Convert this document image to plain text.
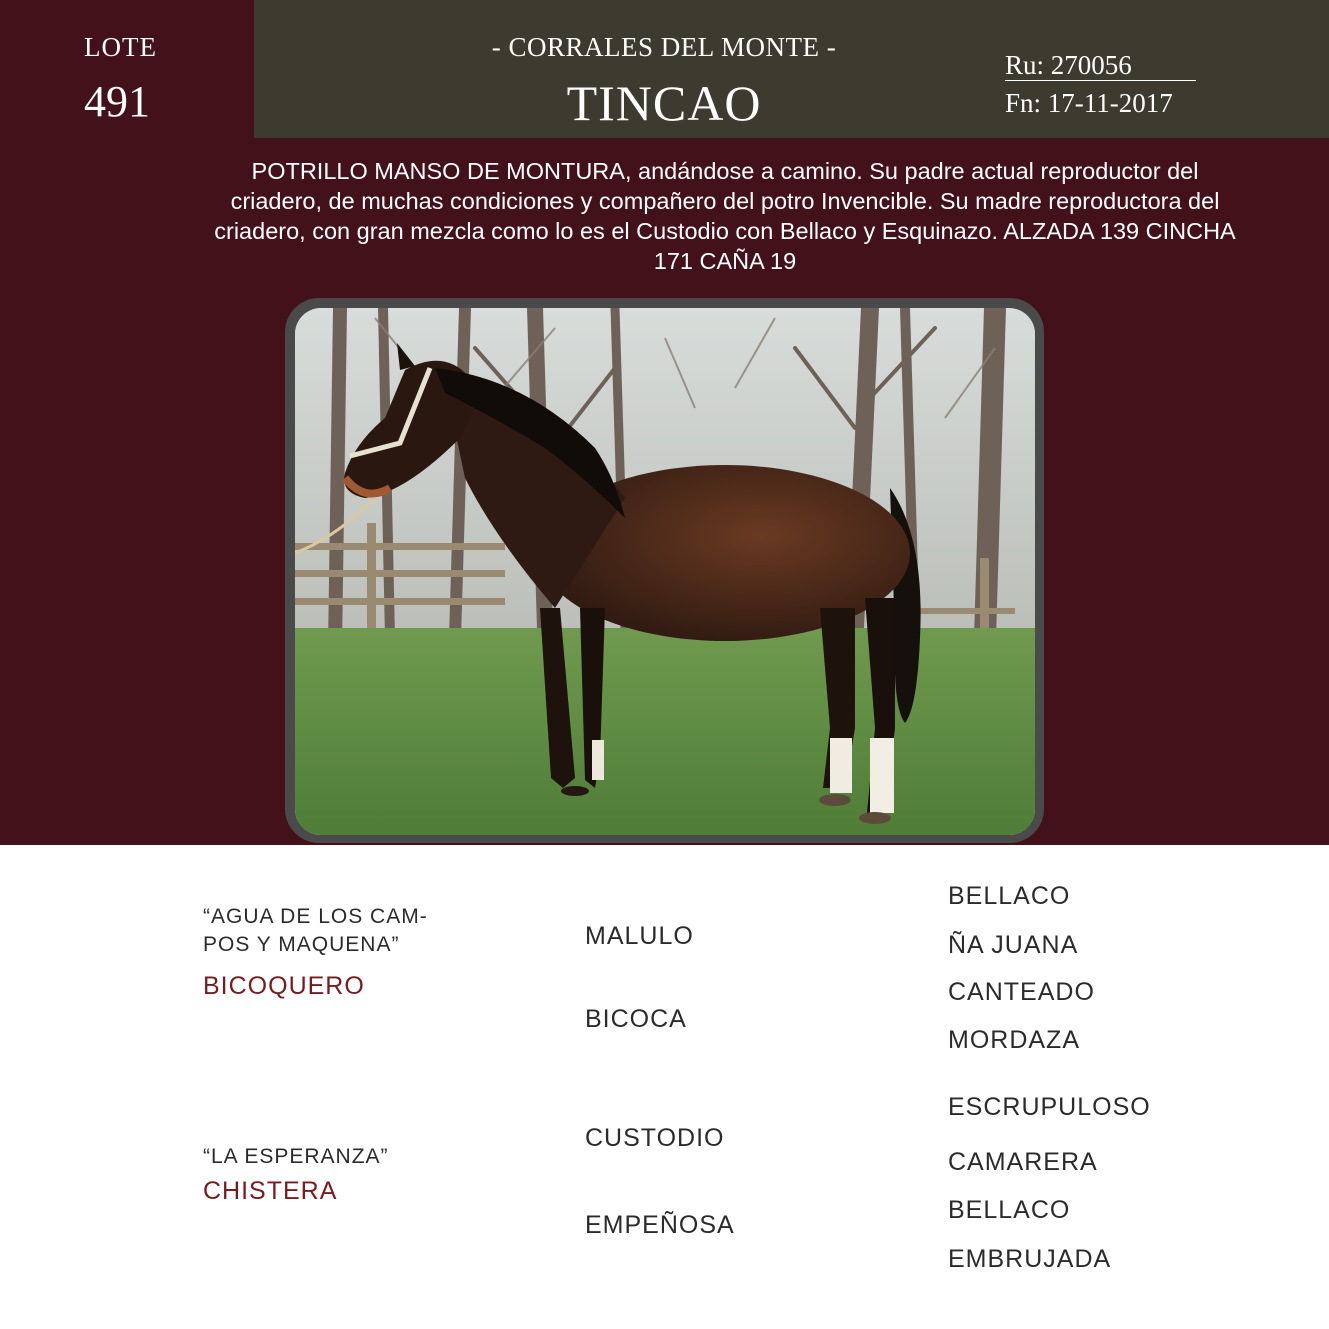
LOTE
491
- CORRALES DEL MONTE -
TINCAO
Ru: 270056
Fn: 17-11-2017
POTRILLO MANSO DE MONTURA, andándose a camino. Su padre actual reproductor del criadero, de muchas condiciones y compañero del potro Invencible. Su madre reproductora del criadero, con gran mezcla como lo es el Custodio con Bellaco y Esquinazo. ALZADA 139 CINCHA 171 CAÑA 19
“AGUA DE LOS CAM-
POS Y MAQUENA”
BICOQUERO
“LA ESPERANZA”
CHISTERA
MALULO
BICOCA
CUSTODIO
EMPEÑOSA
BELLACO
ÑA JUANA
CANTEADO
MORDAZA
ESCRUPULOSO
CAMARERA
BELLACO
EMBRUJADA
